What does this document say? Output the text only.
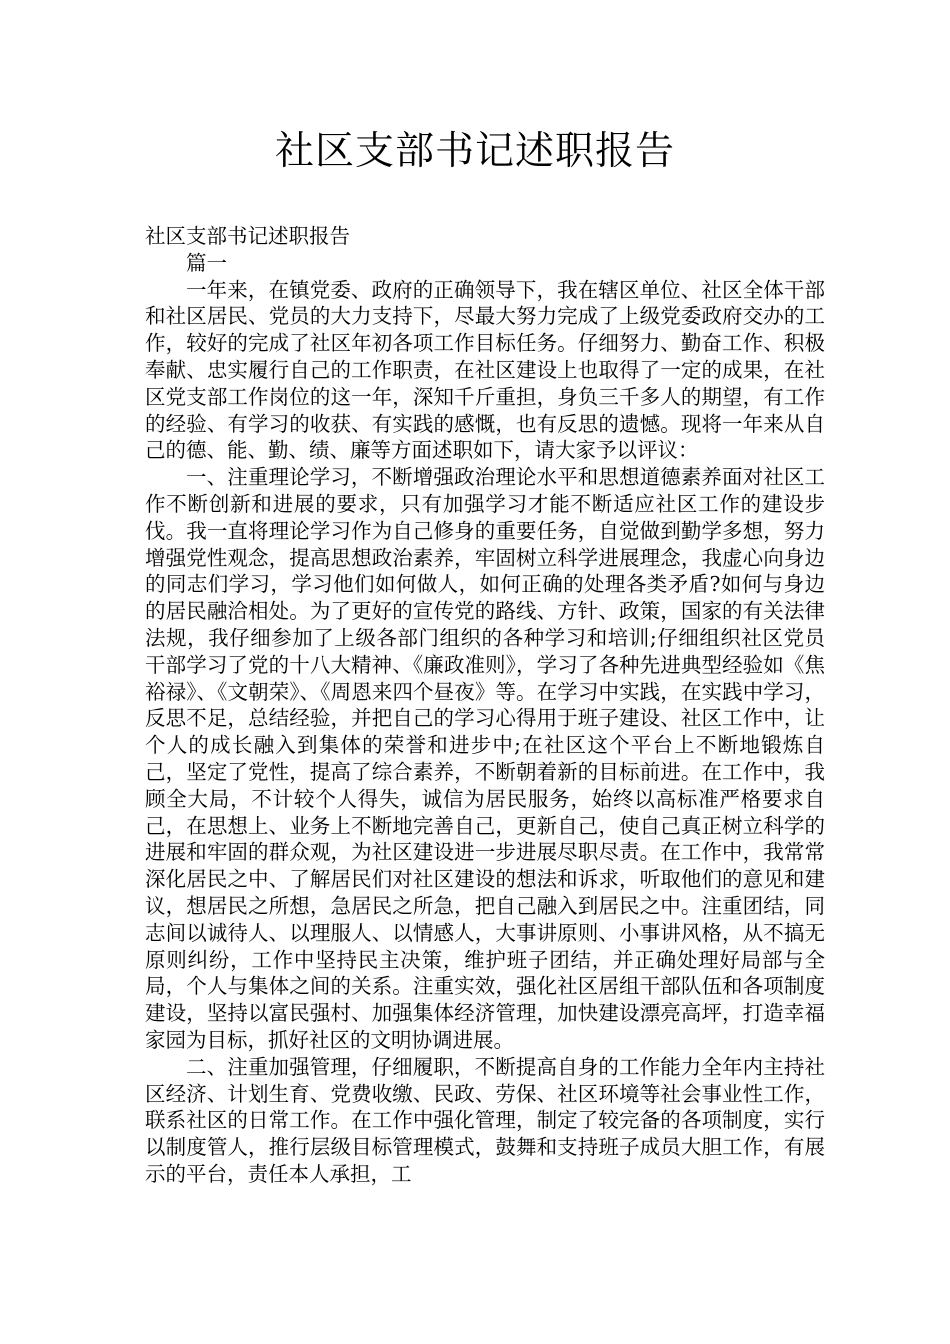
社区支部书记述职报告

社区支部书记述职报告

篇一

一年来，在镇党委、政府的正确领导下，我在辖区单位、社区全体干部和社区居民、党员的大力支持下，尽最大努力完成了上级党委政府交办的工作，较好的完成了社区年初各项工作目标任务。仔细努力、勤奋工作、积极奉献、忠实履行自己的工作职责，在社区建设上也取得了一定的成果，在社区党支部工作岗位的这一年，深知千斤重担，身负三千多人的期望，有工作的经验、有学习的收获、有实践的感慨，也有反思的遗憾。现将一年来从自己的德、能、勤、绩、廉等方面述职如下，请大家予以评议：

一、注重理论学习，不断增强政治理论水平和思想道德素养面对社区工作不断创新和进展的要求，只有加强学习才能不断适应社区工作的建设步伐。我一直将理论学习作为自己修身的重要任务，自觉做到勤学多想，努力增强党性观念，提高思想政治素养，牢固树立科学进展理念，我虚心向身边的同志们学习，学习他们如何做人，如何正确的处理各类矛盾?如何与身边的居民融洽相处。为了更好的宣传党的路线、方针、政策，国家的有关法律法规，我仔细参加了上级各部门组织的各种学习和培训;仔细组织社区党员干部学习了党的十八大精神、《廉政准则》，学习了各种先进典型经验如《焦裕禄》、《文朝荣》、《周恩来四个昼夜》等。在学习中实践，在实践中学习，反思不足，总结经验，并把自己的学习心得用于班子建设、社区工作中，让个人的成长融入到集体的荣誉和进步中;在社区这个平台上不断地锻炼自己，坚定了党性，提高了综合素养，不断朝着新的目标前进。在工作中，我顾全大局，不计较个人得失，诚信为居民服务，始终以高标准严格要求自己，在思想上、业务上不断地完善自己，更新自己，使自己真正树立科学的进展和牢固的群众观，为社区建设进一步进展尽职尽责。在工作中，我常常深化居民之中、了解居民们对社区建设的想法和诉求，听取他们的意见和建议，想居民之所想，急居民之所急，把自己融入到居民之中。注重团结，同志间以诚待人、以理服人、以情感人，大事讲原则、小事讲风格，从不搞无原则纠纷，工作中坚持民主决策，维护班子团结，并正确处理好局部与全局，个人与集体之间的关系。注重实效，强化社区居组干部队伍和各项制度建设，坚持以富民强村、加强集体经济管理，加快建设漂亮高坪，打造幸福家园为目标，抓好社区的文明协调进展。

二、注重加强管理，仔细履职，不断提高自身的工作能力全年内主持社区经济、计划生育、党费收缴、民政、劳保、社区环境等社会事业性工作，联系社区的日常工作。在工作中强化管理，制定了较完备的各项制度，实行以制度管人，推行层级目标管理模式，鼓舞和支持班子成员大胆工作，有展示的平台，责任本人承担，工
